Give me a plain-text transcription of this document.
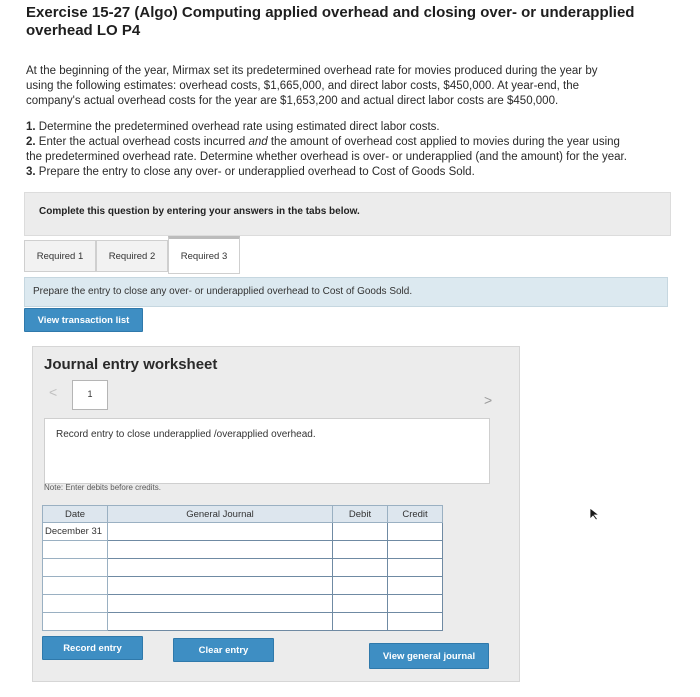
Exercise 15-27 (Algo) Computing applied overhead and closing over- or underapplied
overhead LO P4
At the beginning of the year, Mirmax set its predetermined overhead rate for movies produced during the year by
using the following estimates: overhead costs, $1,665,000, and direct labor costs, $450,000. At year-end, the
company's actual overhead costs for the year are $1,653,200 and actual direct labor costs are $450,000.
1. Determine the predetermined overhead rate using estimated direct labor costs.
2. Enter the actual overhead costs incurred and the amount of overhead cost applied to movies during the year using
the predetermined overhead rate. Determine whether overhead is over- or underapplied (and the amount) for the year.
3. Prepare the entry to close any over- or underapplied overhead to Cost of Goods Sold.
Complete this question by entering your answers in the tabs below.
Required 1	Required 2	Required 3
Prepare the entry to close any over- or underapplied overhead to Cost of Goods Sold.
View transaction list
Journal entry worksheet
<	1	>
Record entry to close underapplied /overapplied overhead.
Note: Enter debits before credits.
Date	General Journal	Debit	Credit
December 31			

Record entry	Clear entry
View general journal
